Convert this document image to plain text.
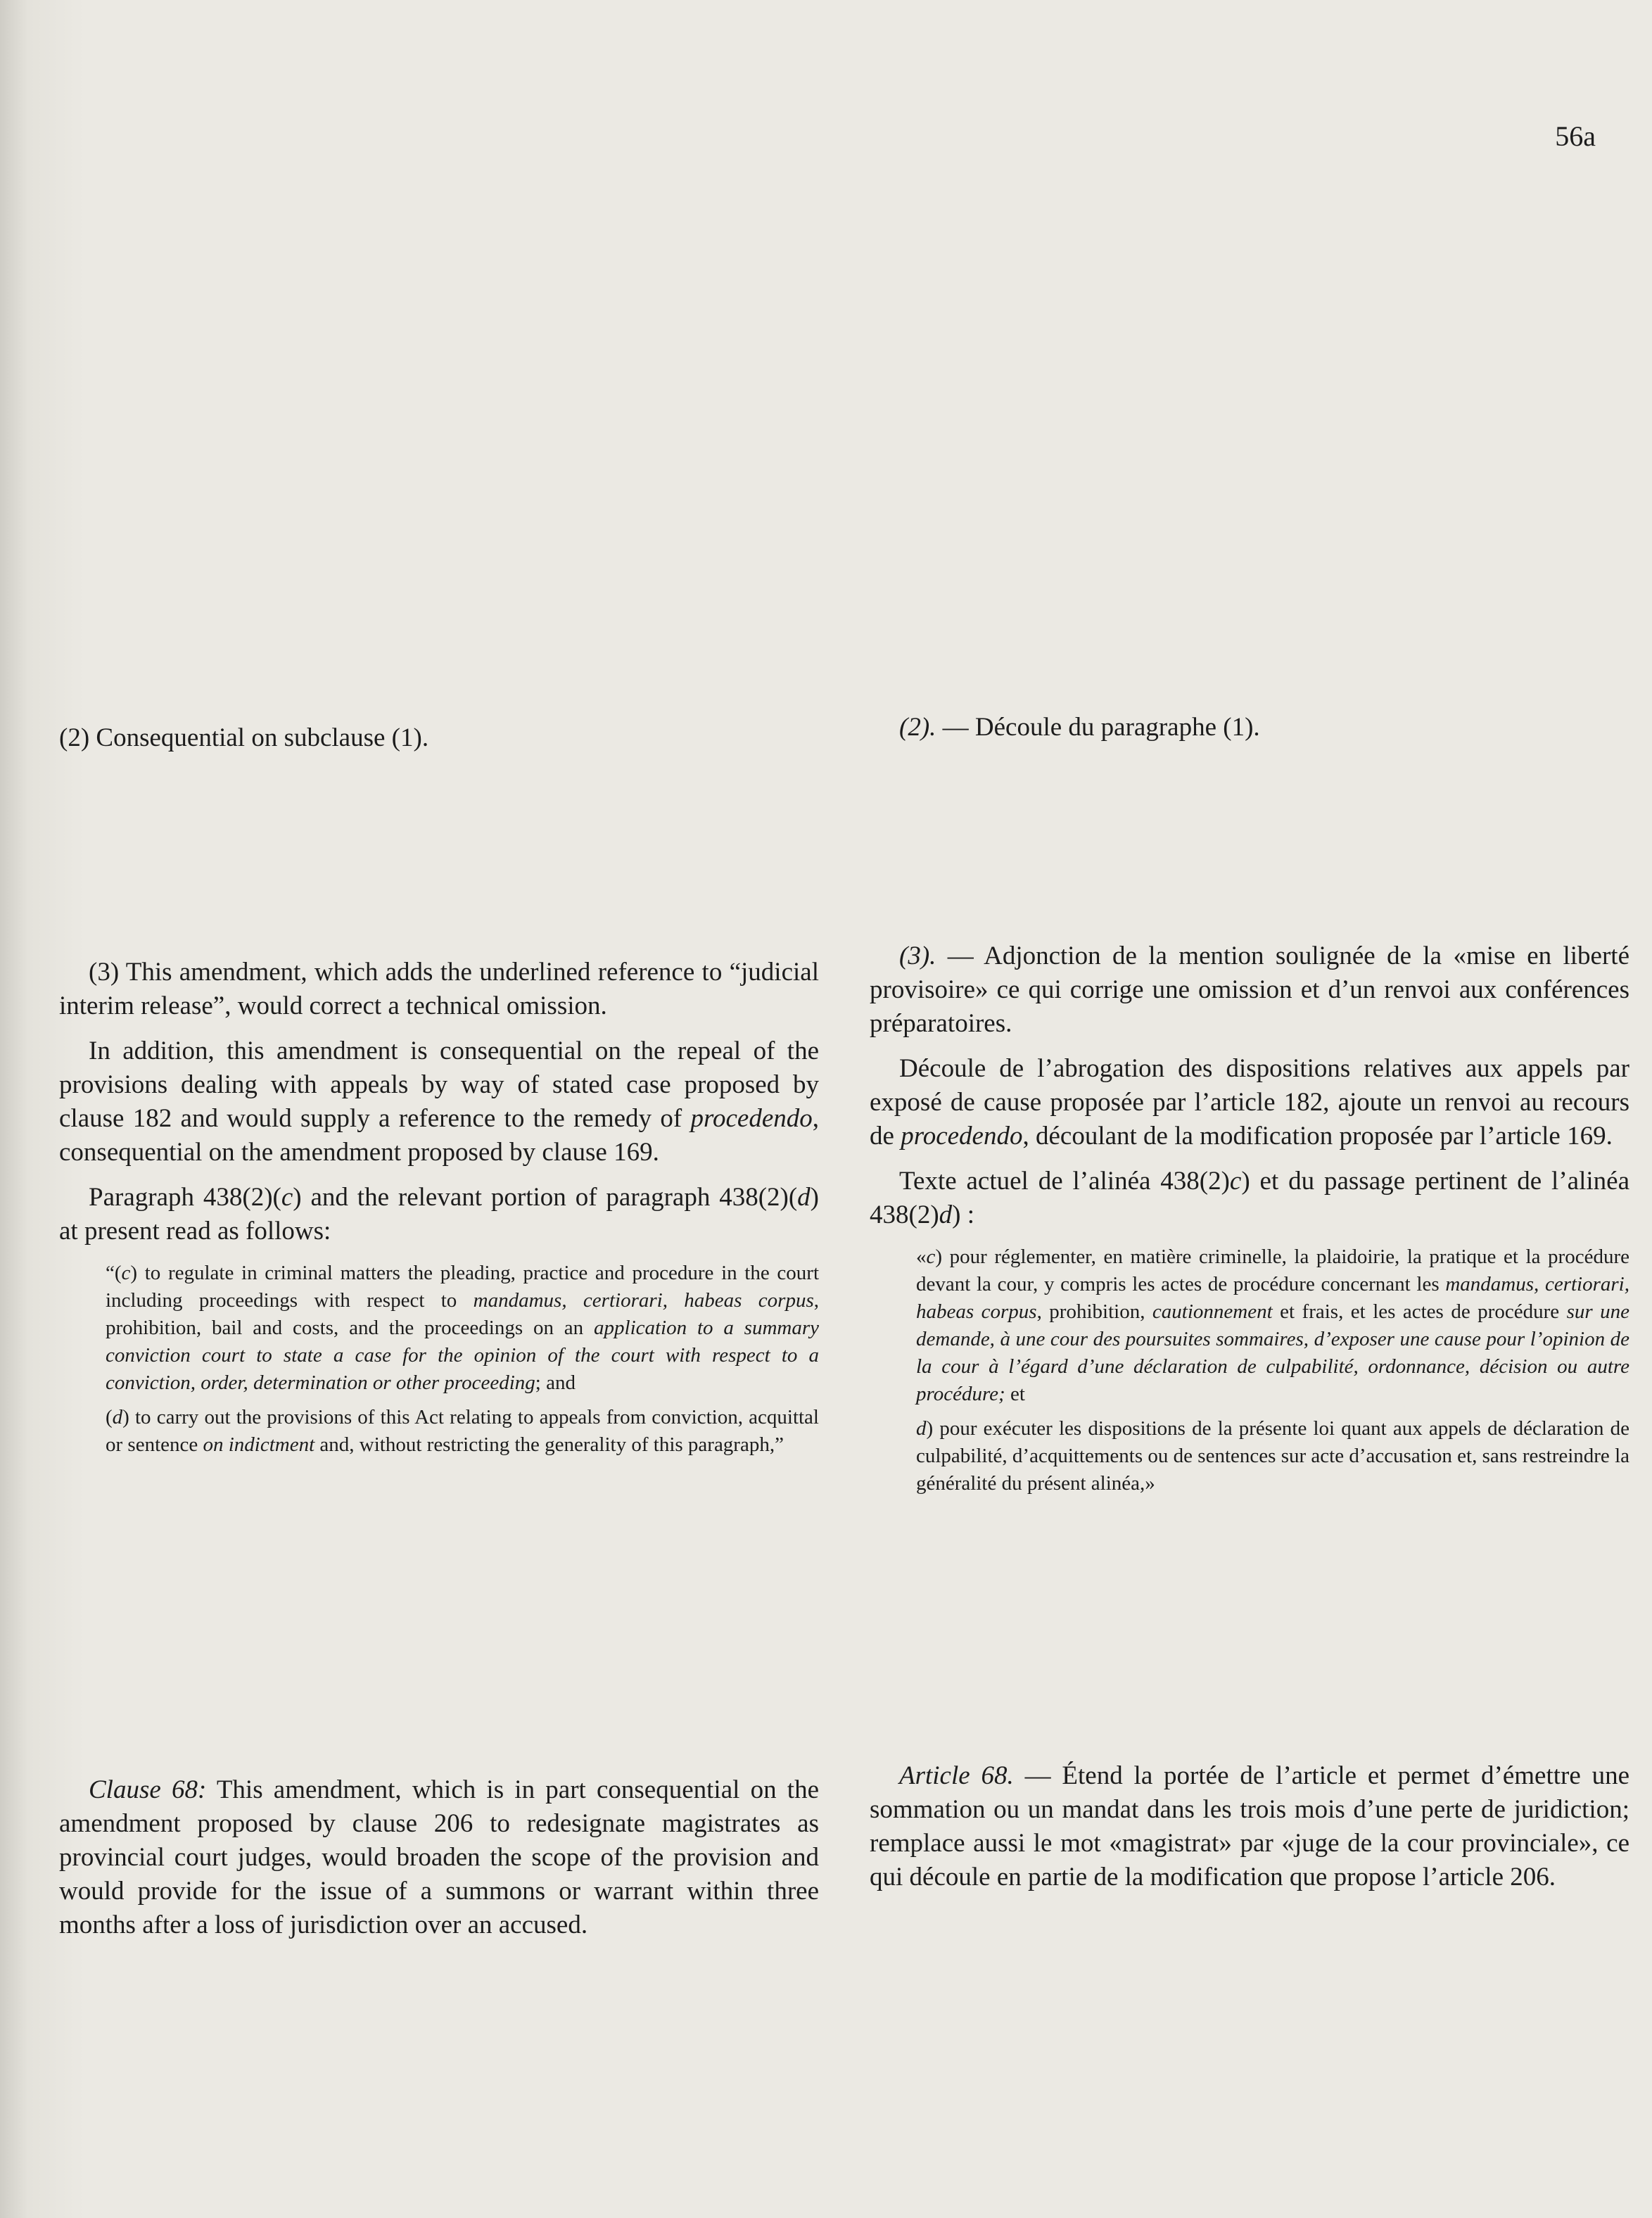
56a

(2) Consequential on subclause (1).

(3) This amendment, which adds the underlined reference to “judicial interim release”, would correct a technical omission.

In addition, this amendment is consequential on the repeal of the provisions dealing with appeals by way of stated case proposed by clause 182 and would supply a reference to the remedy of procedendo, consequential on the amendment proposed by clause 169.

Paragraph 438(2)(c) and the relevant portion of paragraph 438(2)(d) at present read as follows:

“(c) to regulate in criminal matters the pleading, practice and procedure in the court including proceedings with respect to mandamus, certiorari, habeas corpus, prohibition, bail and costs, and the proceedings on an application to a summary conviction court to state a case for the opinion of the court with respect to a conviction, order, determination or other proceeding; and

(d) to carry out the provisions of this Act relating to appeals from conviction, acquittal or sentence on indictment and, without restricting the generality of this paragraph,”

Clause 68: This amendment, which is in part consequential on the amendment proposed by clause 206 to redesignate magistrates as provincial court judges, would broaden the scope of the provision and would provide for the issue of a summons or warrant within three months after a loss of jurisdiction over an accused.

(2). — Découle du paragraphe (1).

(3). — Adjonction de la mention soulignée de la «mise en liberté provisoire» ce qui corrige une omission et d’un renvoi aux conférences préparatoires.

Découle de l’abrogation des dispositions relatives aux appels par exposé de cause proposée par l’article 182, ajoute un renvoi au recours de procedendo, découlant de la modification proposée par l’article 169.

Texte actuel de l’alinéa 438(2)c) et du passage pertinent de l’alinéa 438(2)d) :

«c) pour réglementer, en matière criminelle, la plaidoirie, la pratique et la procédure devant la cour, y compris les actes de procédure concernant les mandamus, certiorari, habeas corpus, prohibition, cautionnement et frais, et les actes de procédure sur une demande, à une cour des poursuites sommaires, d’exposer une cause pour l’opinion de la cour à l’égard d’une déclaration de culpabilité, ordonnance, décision ou autre procédure; et

d) pour exécuter les dispositions de la présente loi quant aux appels de déclaration de culpabilité, d’acquittements ou de sentences sur acte d’accusation et, sans restreindre la généralité du présent alinéa,»

Article 68. — Étend la portée de l’article et permet d’émettre une sommation ou un mandat dans les trois mois d’une perte de juridiction; remplace aussi le mot «magistrat» par «juge de la cour provinciale», ce qui découle en partie de la modification que propose l’article 206.
